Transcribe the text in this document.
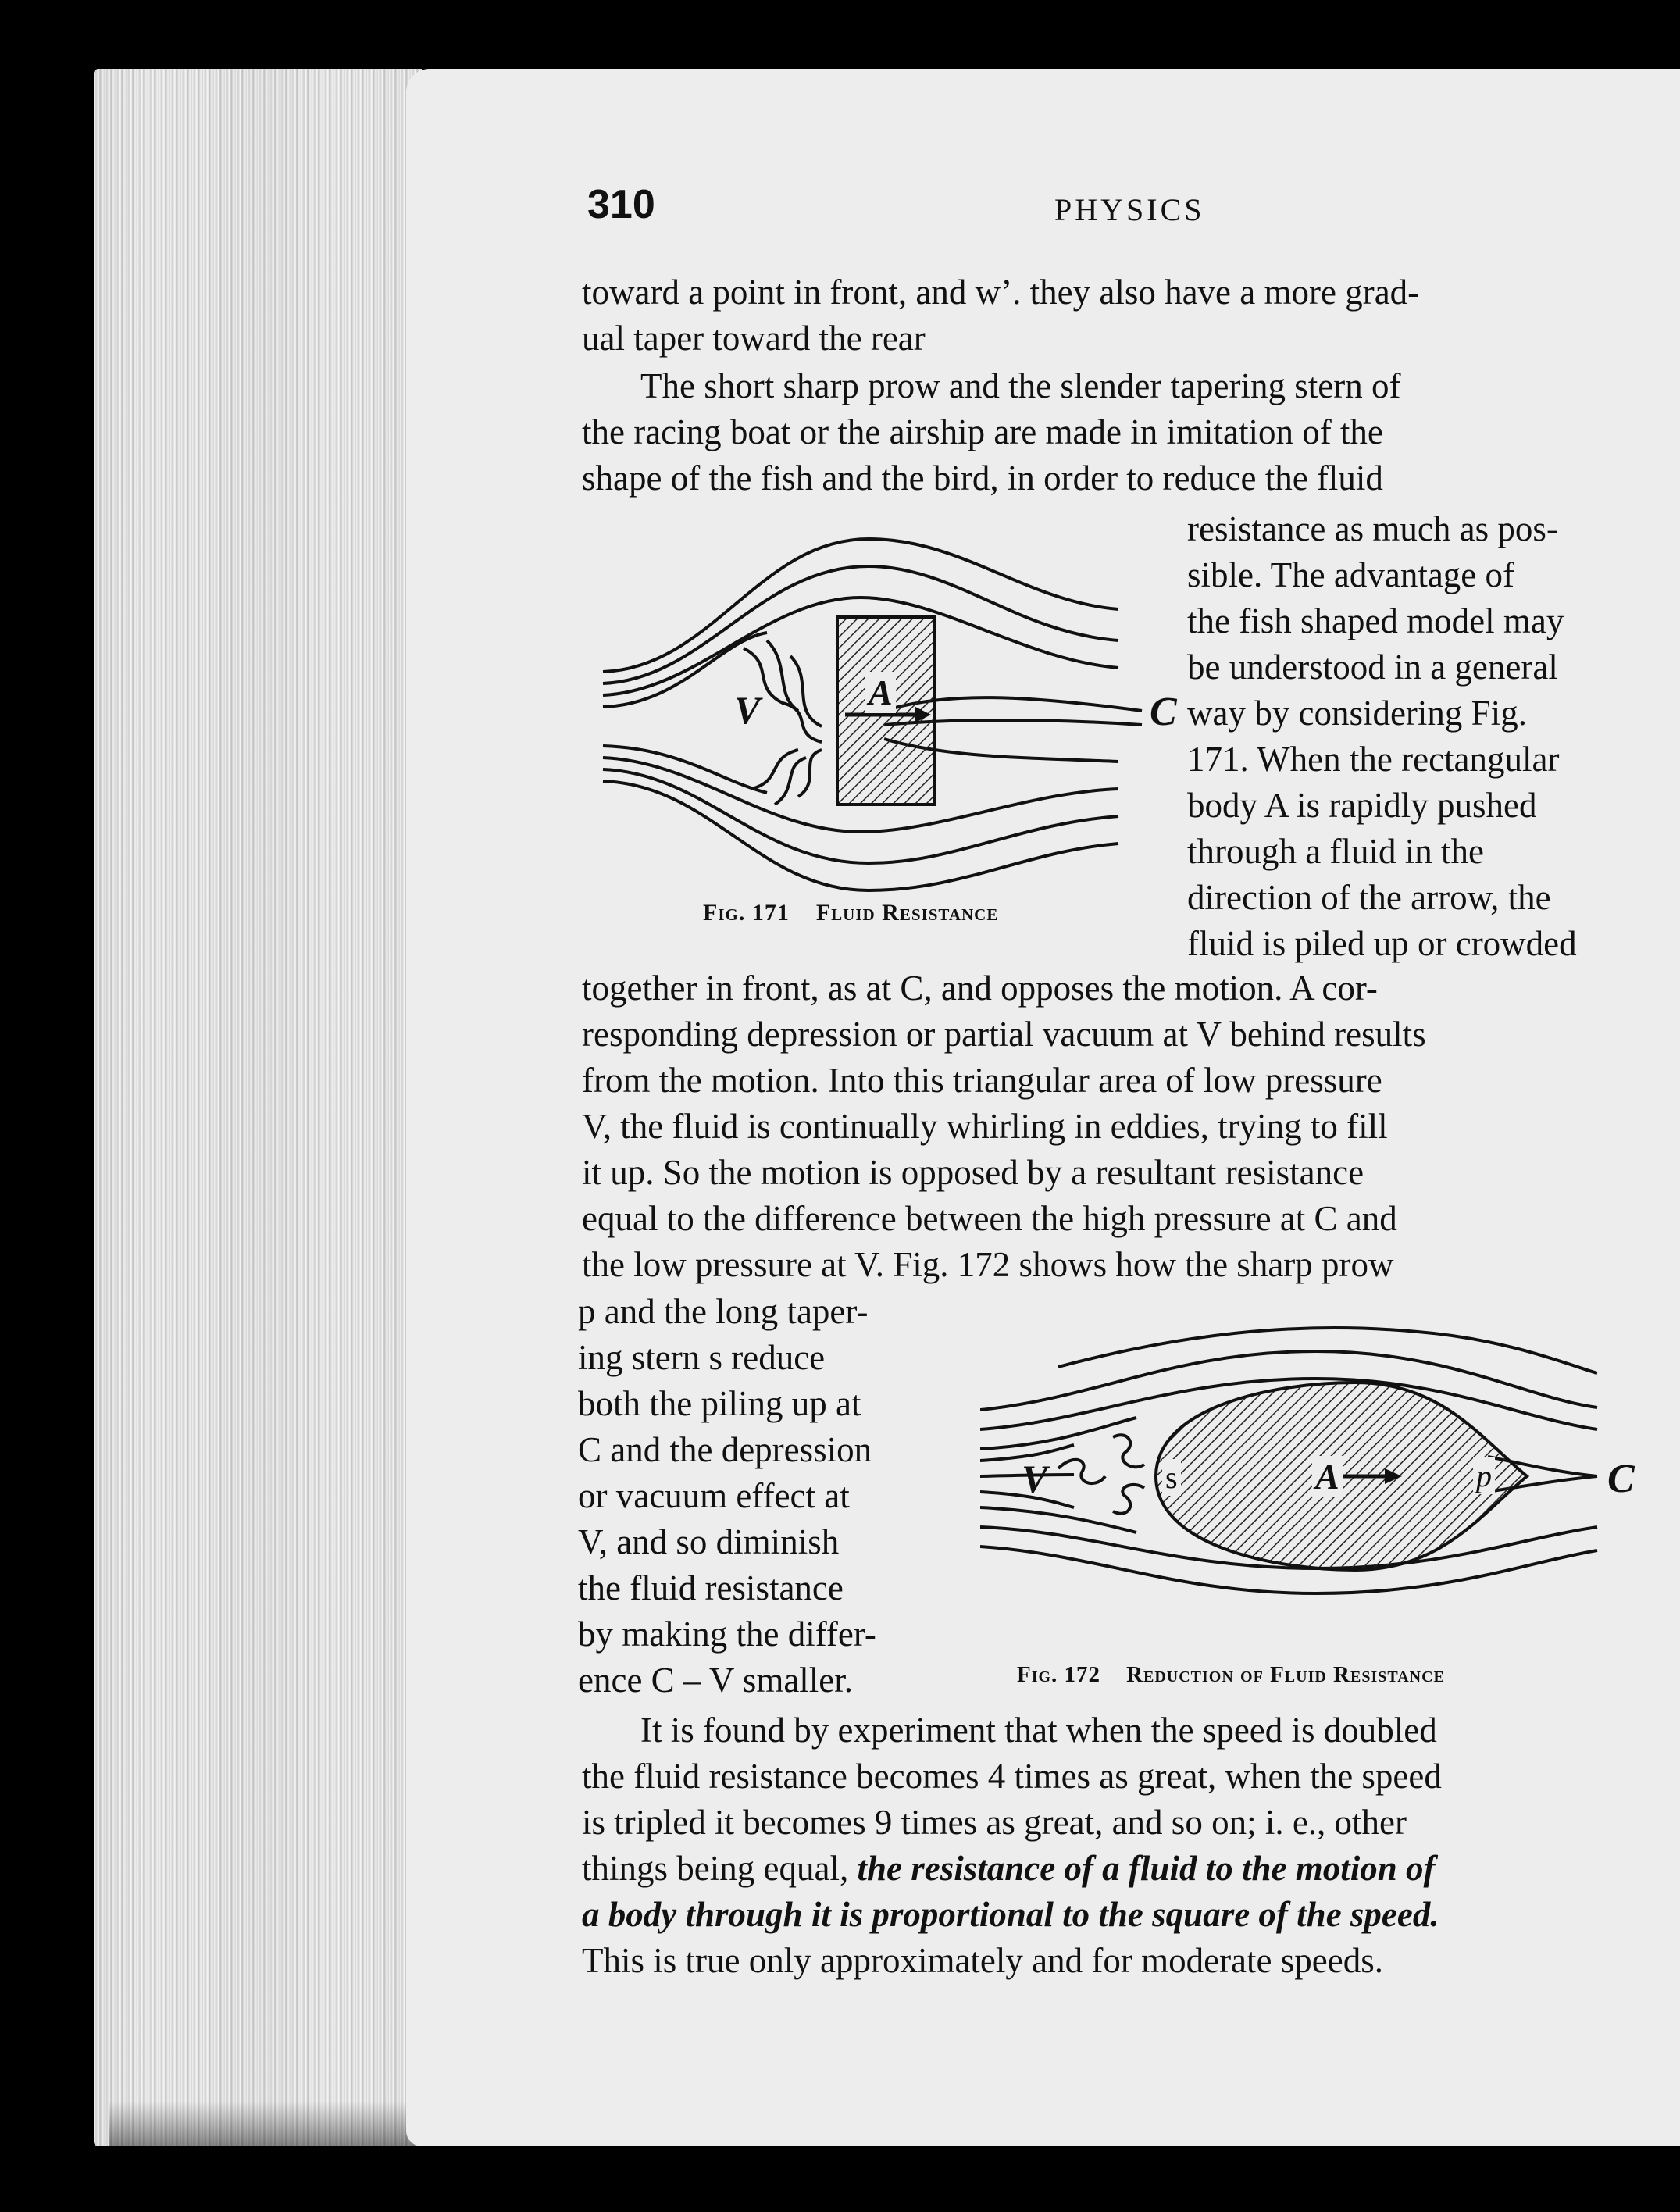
310	PHYSICS

toward a point in front, and wʼ. they also have a more grad-

ual taper toward the rear

The short sharp prow and the slender tapering stern of

the racing boat or the airship are made in imitation of the

shape of the fish and the bird, in order to reduce the fluid

resistance as much as pos-

sible. The advantage of

the fish shaped model may

be understood in a general

way by considering Fig.

171. When the rectangular

body A is rapidly pushed

through a fluid in the

direction of the arrow, the

fluid is piled up or crowded

A
V	C
Fig. 171 Fluid Resistance

together in front, as at C, and opposes the motion. A cor-

responding depression or partial vacuum at V behind results

from the motion. Into this triangular area of low pressure

V, the fluid is continually whirling in eddies, trying to fill

it up. So the motion is opposed by a resultant resistance

equal to the difference between the high pressure at C and

the low pressure at V. Fig. 172 shows how the sharp prow

p and the long taper-

ing stern s reduce

both the piling up at

C and the depression

or vacuum effect at

V, and so diminish

the fluid resistance

by making the differ-

ence C – V smaller.

A
V	C
s	p
Fig. 172 Reduction of Fluid Resistance

It is found by experiment that when the speed is doubled

the fluid resistance becomes 4 times as great, when the speed

is tripled it becomes 9 times as great, and so on; i. e., other

things being equal, the resistance of a fluid to the motion of

a body through it is proportional to the square of the speed.

This is true only approximately and for moderate speeds.
